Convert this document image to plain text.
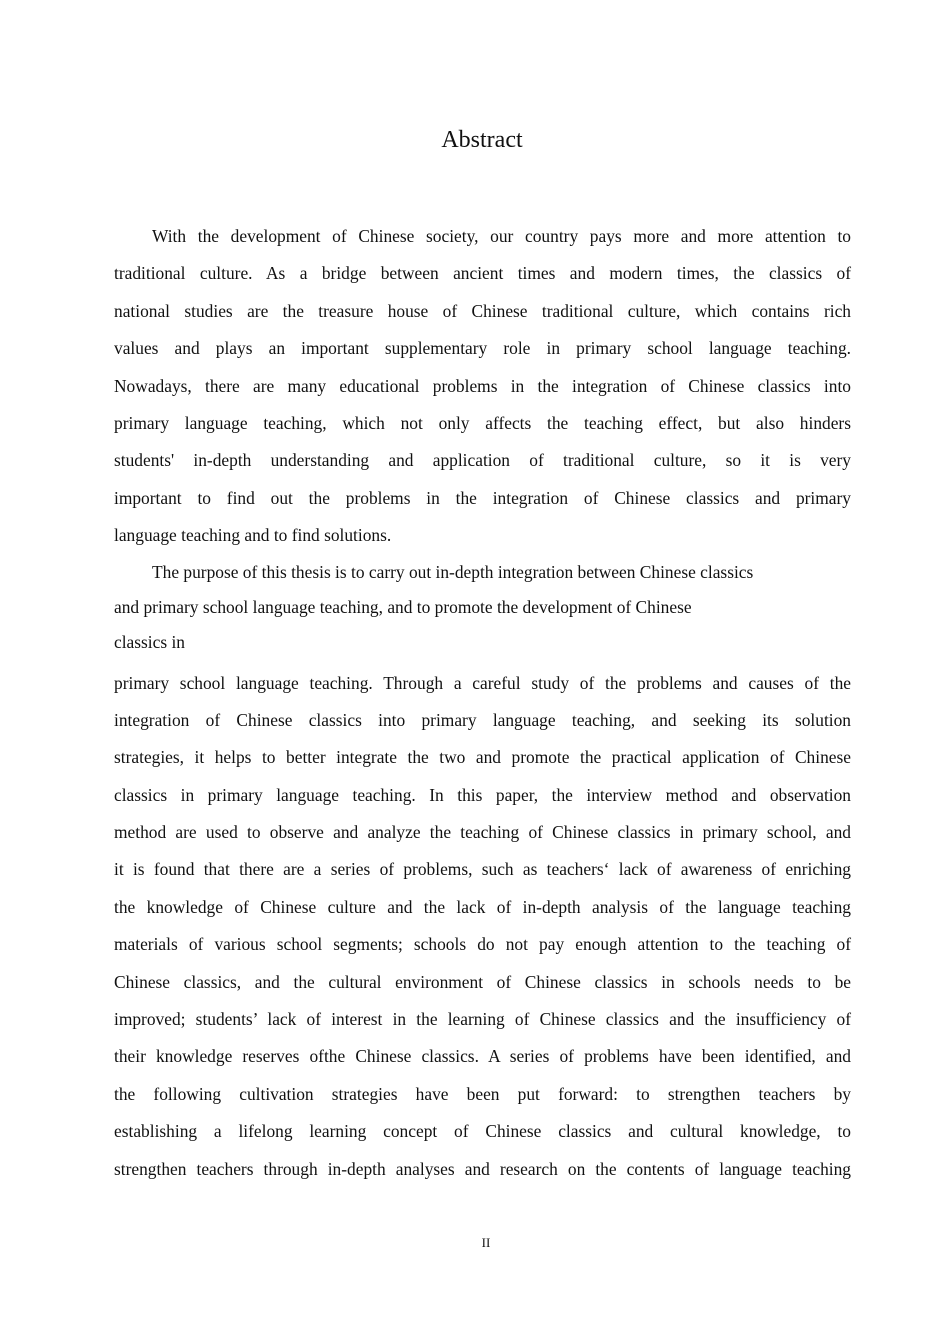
Abstract
With the development of Chinese society, our country pays more and more attention to
traditional culture. As a bridge between ancient times and modern times, the classics of
national studies are the treasure house of Chinese traditional culture, which contains rich
values and plays an important supplementary role in primary school language teaching.
Nowadays, there are many educational problems in the integration of Chinese classics into
primary language teaching, which not only affects the teaching effect, but also hinders
students' in-depth understanding and application of traditional culture, so it is very
important to find out the problems in the integration of Chinese classics and primary
language teaching and to find solutions.
The purpose of this thesis is to carry out in-depth integration between Chinese classics
and primary school language teaching, and to promote the development of Chinese
classics in
primary school language teaching. Through a careful study of the problems and causes of the
integration of Chinese classics into primary language teaching, and seeking its solution
strategies, it helps to better integrate the two and promote the practical application of Chinese
classics in primary language teaching. In this paper, the interview method and observation
method are used to observe and analyze the teaching of Chinese classics in primary school, and
it is found that there are a series of problems, such as teachers‘ lack of awareness of enriching
the knowledge of Chinese culture and the lack of in-depth analysis of the language teaching
materials of various school segments; schools do not pay enough attention to the teaching of
Chinese classics, and the cultural environment of Chinese classics in schools needs to be
improved; students’ lack of interest in the learning of Chinese classics and the insufficiency of
their knowledge reserves ofthe Chinese classics. A series of problems have been identified, and
the following cultivation strategies have been put forward: to strengthen teachers by
establishing a lifelong learning concept of Chinese classics and cultural knowledge, to
strengthen teachers through in-depth analyses and research on the contents of language teaching
II
